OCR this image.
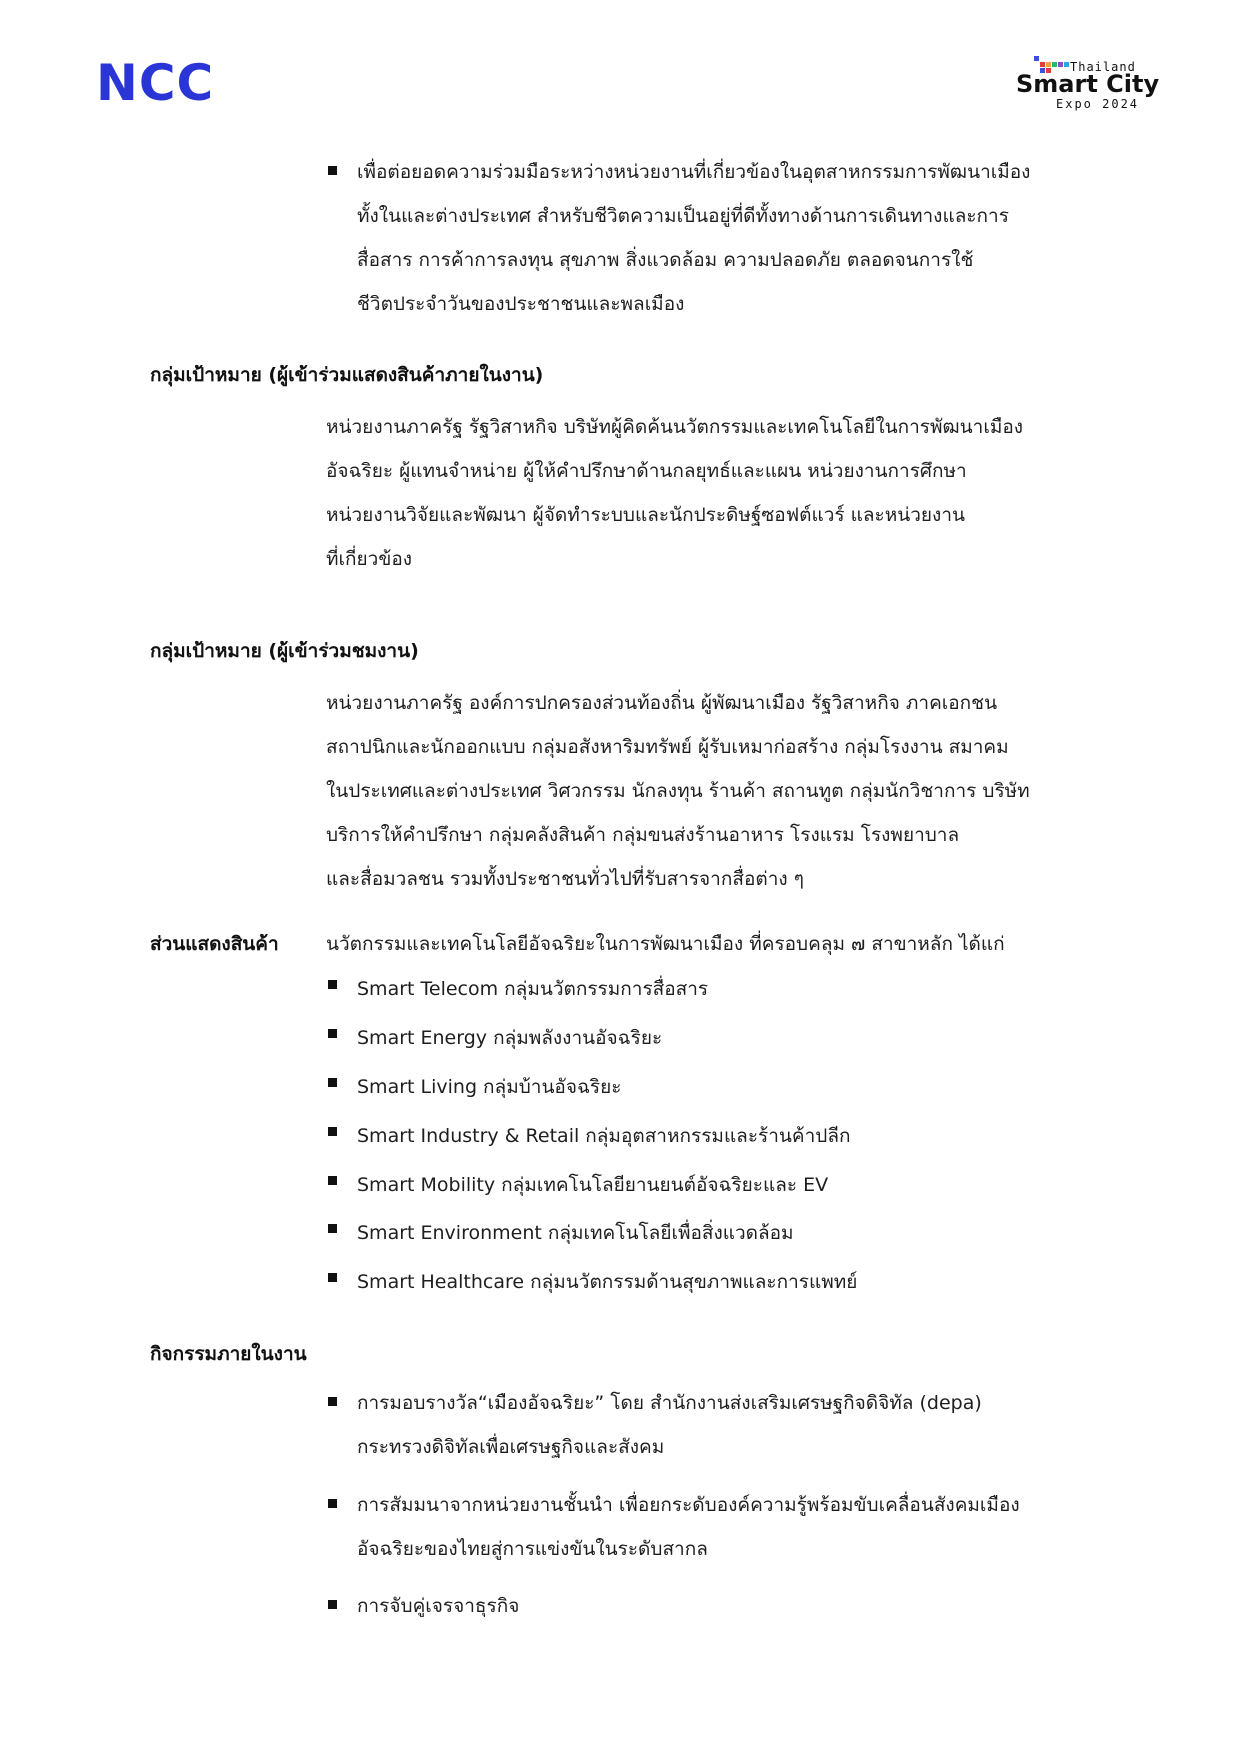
NCC	Thailand
Smart City
Expo 2024
เพื่อต่อยอดความร่วมมือระหว่างหน่วยงานที่เกี่ยวข้องในอุตสาหกรรมการพัฒนาเมือง
ทั้งในและต่างประเทศ สำหรับชีวิตความเป็นอยู่ที่ดีทั้งทางด้านการเดินทางและการ
สื่อสาร การค้าการลงทุน สุขภาพ สิ่งแวดล้อม ความปลอดภัย ตลอดจนการใช้
ชีวิตประจำวันของประชาชนและพลเมือง
กลุ่มเป้าหมาย (ผู้เข้าร่วมแสดงสินค้าภายในงาน)
หน่วยงานภาครัฐ รัฐวิสาหกิจ บริษัทผู้คิดค้นนวัตกรรมและเทคโนโลยีในการพัฒนาเมือง
อัจฉริยะ ผู้แทนจำหน่าย ผู้ให้คำปรึกษาด้านกลยุทธ์และแผน หน่วยงานการศึกษา
หน่วยงานวิจัยและพัฒนา ผู้จัดทำระบบและนักประดิษฐ์ซอฟต์แวร์ และหน่วยงาน
ที่เกี่ยวข้อง
กลุ่มเป้าหมาย (ผู้เข้าร่วมชมงาน)
หน่วยงานภาครัฐ องค์การปกครองส่วนท้องถิ่น ผู้พัฒนาเมือง รัฐวิสาหกิจ ภาคเอกชน
สถาปนิกและนักออกแบบ กลุ่มอสังหาริมทรัพย์ ผู้รับเหมาก่อสร้าง กลุ่มโรงงาน สมาคม
ในประเทศและต่างประเทศ วิศวกรรม นักลงทุน ร้านค้า สถานทูต กลุ่มนักวิชาการ บริษัท
บริการให้คำปรึกษา กลุ่มคลังสินค้า กลุ่มขนส่งร้านอาหาร โรงแรม โรงพยาบาล
และสื่อมวลชน รวมทั้งประชาชนทั่วไปที่รับสารจากสื่อต่าง ๆ
ส่วนแสดงสินค้า นวัตกรรมและเทคโนโลยีอัจฉริยะในการพัฒนาเมือง ที่ครอบคลุม ๗ สาขาหลัก ได้แก่
Smart Telecom กลุ่มนวัตกรรมการสื่อสาร
Smart Energy กลุ่มพลังงานอัจฉริยะ
Smart Living กลุ่มบ้านอัจฉริยะ
Smart Industry & Retail กลุ่มอุตสาหกรรมและร้านค้าปลีก
Smart Mobility กลุ่มเทคโนโลยียานยนต์อัจฉริยะและ EV
Smart Environment กลุ่มเทคโนโลยีเพื่อสิ่งแวดล้อม
Smart Healthcare กลุ่มนวัตกรรมด้านสุขภาพและการแพทย์
กิจกรรมภายในงาน
การมอบรางวัล“เมืองอัจฉริยะ” โดย สำนักงานส่งเสริมเศรษฐกิจดิจิทัล (depa)
กระทรวงดิจิทัลเพื่อเศรษฐกิจและสังคม
การสัมมนาจากหน่วยงานชั้นนำ เพื่อยกระดับองค์ความรู้พร้อมขับเคลื่อนสังคมเมือง
อัจฉริยะของไทยสู่การแข่งขันในระดับสากล
การจับคู่เจรจาธุรกิจ
